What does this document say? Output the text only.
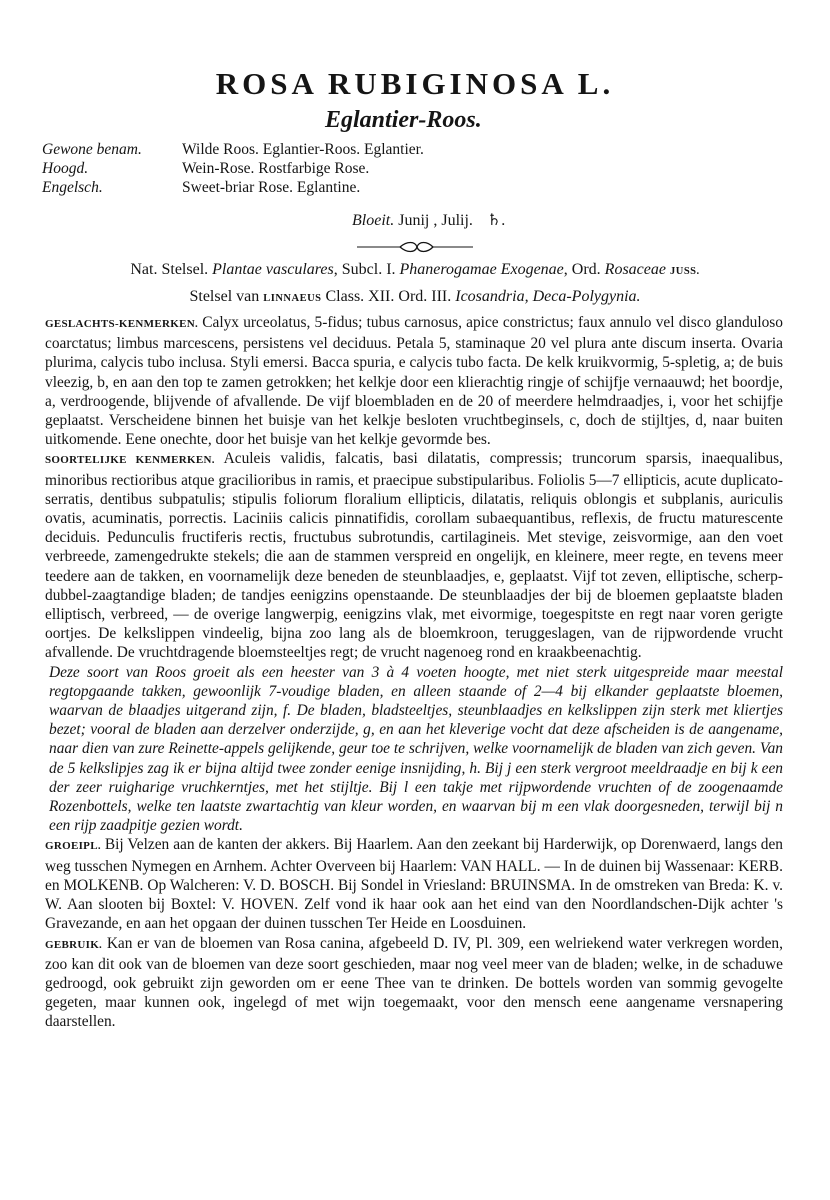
ROSA RUBIGINOSA L.
Eglantier-Roos.
Gewone benam.	Wilde Roos. Eglantier-Roos. Eglantier.
Hoogd.	Wein-Rose. Rostfarbige Rose.
Engelsch.	Sweet-briar Rose. Eglantine.
Bloeit. Junij , Julij. ♄.
Nat. Stelsel. Plantae vasculares, Subcl. I. Phanerogamae Exogenae, Ord. Rosaceae JUSS.
Stelsel van LINNAEUS Class. XII. Ord. III. Icosandria, Deca-Polygynia.

GESLACHTS-KENMERKEN. Calyx urceolatus, 5-fidus; tubus carnosus, apice constrictus; faux annulo vel disco glanduloso coarctatus; limbus marcescens, persistens vel deciduus. Petala 5, staminaque 20 vel plura ante discum inserta. Ovaria plurima, calycis tubo inclusa. Styli emersi. Bacca spuria, e calycis tubo facta. De kelk kruikvormig, 5-spletig, a; de buis vleezig, b, en aan den top te zamen getrokken; het kelkje door een klierachtig ringje of schijfje vernaauwd; het boordje, a, verdroogende, blijvende of afvallende. De vijf bloembladen en de 20 of meerdere helmdraadjes, i, voor het schijfje geplaatst. Verscheidene binnen het buisje van het kelkje besloten vruchtbeginsels, c, doch de stijltjes, d, naar buiten uitkomende. Eene onechte, door het buisje van het kelkje gevormde bes.

SOORTELIJKE KENMERKEN. Aculeis validis, falcatis, basi dilatatis, compressis; truncorum sparsis, inaequalibus, minoribus rectioribus atque gracilioribus in ramis, et praecipue substipularibus. Foliolis 5—7 ellipticis, acute duplicato-serratis, dentibus subpatulis; stipulis foliorum floralium ellipticis, dilatatis, reliquis oblongis et subplanis, auriculis ovatis, acuminatis, porrectis. Laciniis calicis pinnatifidis, corollam subaequantibus, reflexis, de fructu maturescente deciduis. Pedunculis fructiferis rectis, fructubus subrotundis, cartilagineis. Met stevige, zeisvormige, aan den voet verbreede, zamengedrukte stekels; die aan de stammen verspreid en ongelijk, en kleinere, meer regte, en tevens meer teedere aan de takken, en voornamelijk deze beneden de steunblaadjes, e, geplaatst. Vijf tot zeven, elliptische, scherp-dubbel-zaagtandige bladen; de tandjes eenigzins openstaande. De steunblaadjes der bij de bloemen geplaatste bladen elliptisch, verbreed, — de overige langwerpig, eenigzins vlak, met eivormige, toegespitste en regt naar voren gerigte oortjes. De kelkslippen vindeelig, bijna zoo lang als de bloemkroon, teruggeslagen, van de rijpwordende vrucht afvallende. De vruchtdragende bloemsteeltjes regt; de vrucht nagenoeg rond en kraakbeenachtig.

Deze soort van Roos groeit als een heester van 3 à 4 voeten hoogte, met niet sterk uitgespreide maar meestal regtopgaande takken, gewoonlijk 7-voudige bladen, en alleen staande of 2—4 bij elkander geplaatste bloemen, waarvan de blaadjes uitgerand zijn, f. De bladen, bladsteeltjes, steunblaadjes en kelkslippen zijn sterk met kliertjes bezet; vooral de bladen aan derzelver onderzijde, g, en aan het kleverige vocht dat deze afscheiden is de aangename, naar dien van zure Reinette-appels gelijkende, geur toe te schrijven, welke voornamelijk de bladen van zich geven. Van de 5 kelkslipjes zag ik er bijna altijd twee zonder eenige insnijding, h. Bij j een sterk vergroot meeldraadje en bij k een der zeer ruigharige vruchkerntjes, met het stijltje. Bij l een takje met rijpwordende vruchten of de zoogenaamde Rozenbottels, welke ten laatste zwartachtig van kleur worden, en waarvan bij m een vlak doorgesneden, terwijl bij n een rijp zaadpitje gezien wordt.

GROEIPL. Bij Velzen aan de kanten der akkers. Bij Haarlem. Aan den zeekant bij Harderwijk, op Dorenwaerd, langs den weg tusschen Nymegen en Arnhem. Achter Overveen bij Haarlem: VAN HALL. — In de duinen bij Wassenaar: KERB. en MOLKENB. Op Walcheren: V. D. BOSCH. Bij Sondel in Vriesland: BRUINSMA. In de omstreken van Breda: K. v. W. Aan slooten bij Boxtel: V. HOVEN. Zelf vond ik haar ook aan het eind van den Noordlandschen-Dijk achter 's Gravezande, en aan het opgaan der duinen tusschen Ter Heide en Loosduinen.

GEBRUIK. Kan er van de bloemen van Rosa canina, afgebeeld D. IV, Pl. 309, een welriekend water verkregen worden, zoo kan dit ook van de bloemen van deze soort geschieden, maar nog veel meer van de bladen; welke, in de schaduwe gedroogd, ook gebruikt zijn geworden om er eene Thee van te drinken. De bottels worden van sommig gevogelte gegeten, maar kunnen ook, ingelegd of met wijn toegemaakt, voor den mensch eene aangename versnapering daarstellen.
